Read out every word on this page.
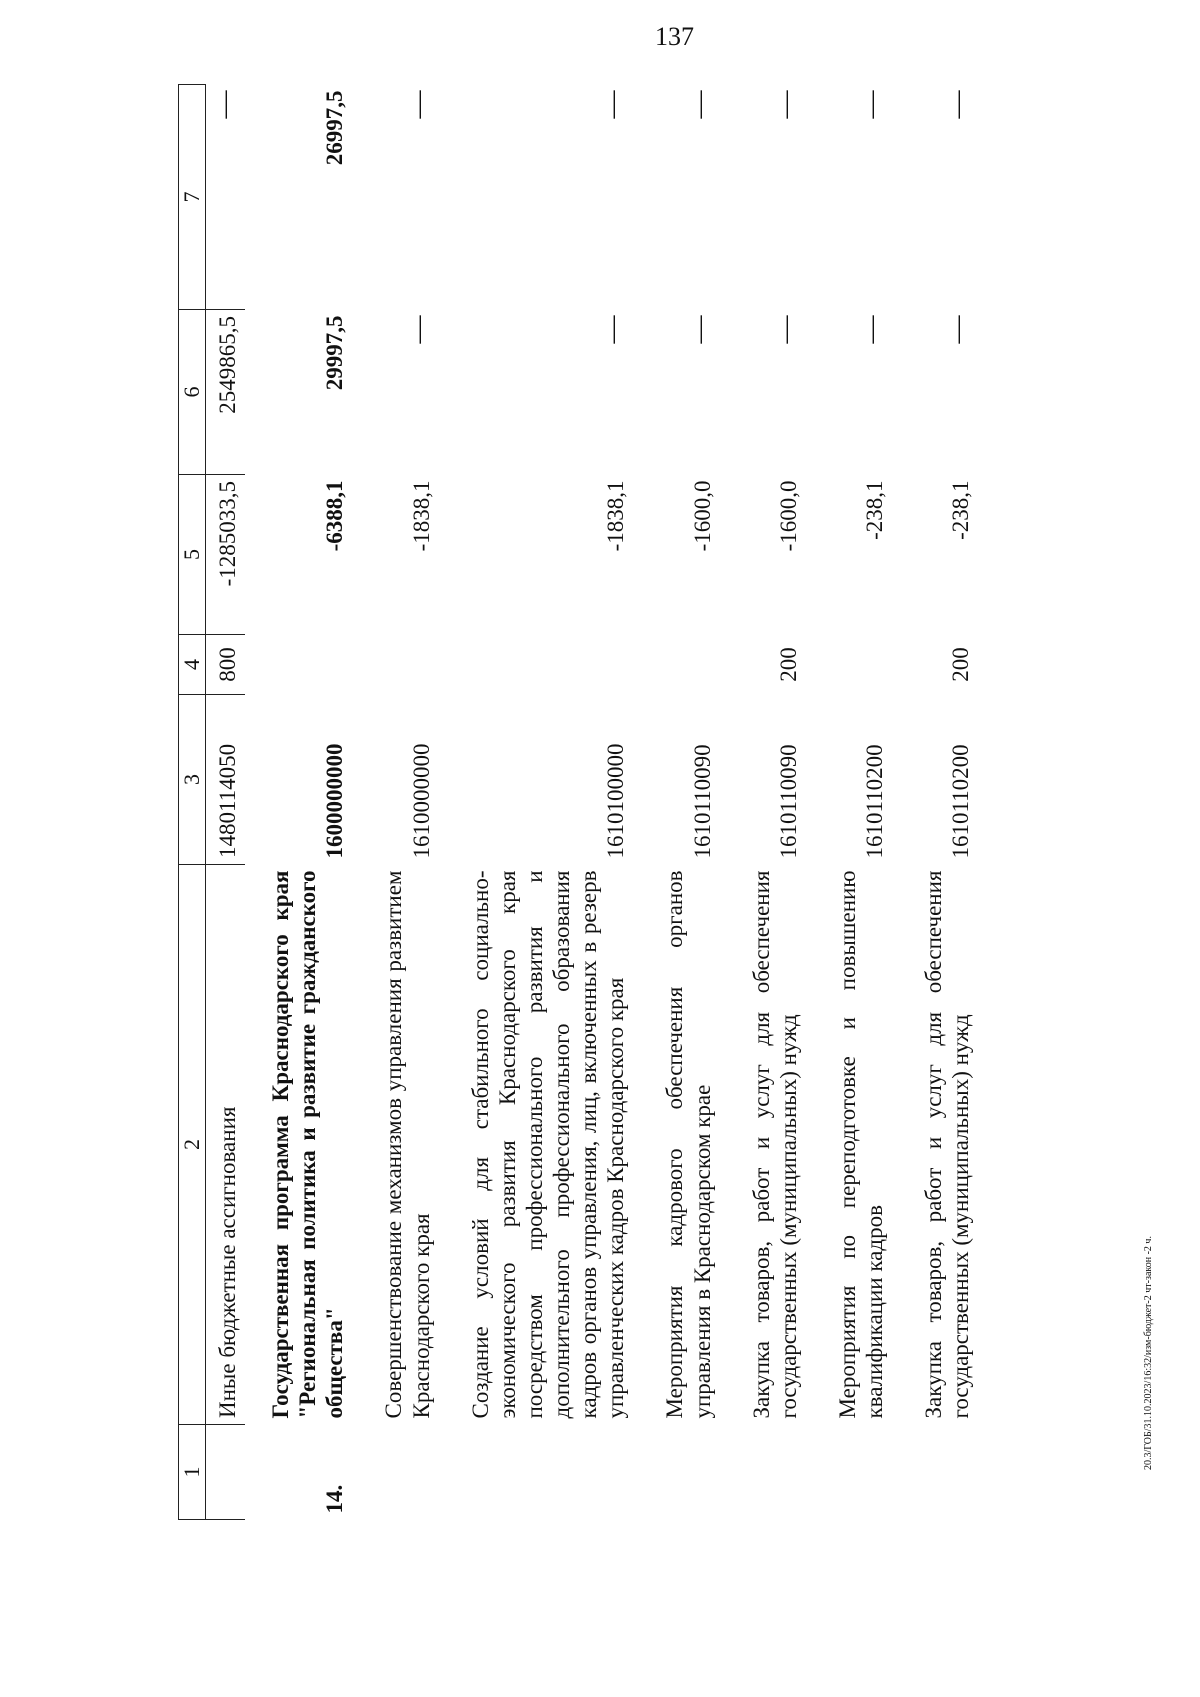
137
20.3/ГОБ/31.10.2023/16:32/изм-бюджет-2 чт-закон -2 ч.
1	2	3	4	5	6	7
	Иные бюджетные ассигнования	1480114050	800	-1285033,5	2549865,5	—
14.	Государственная программа Краснодарского края "Региональная политика и развитие гражданского общества"	1600000000		-6388,1	29997,5	26997,5
	Совершенствование механизмов управления развитием Краснодарского края	1610000000		-1838,1	—	—
	Создание условий для стабильного социально-экономического развития Краснодарского края посредством профессионального развития и дополнительного профессионального образования кадров органов управления, лиц, включенных в резерв управленческих кадров Краснодарского края	1610100000		-1838,1	—	—
	Мероприятия кадрового обеспечения органов управления в Краснодарском крае	1610110090		-1600,0	—	—
	Закупка товаров, работ и услуг для обеспечения государственных (муниципальных) нужд	1610110090	200	-1600,0	—	—
	Мероприятия по переподготовке и повышению квалификации кадров	1610110200		-238,1	—	—
	Закупка товаров, работ и услуг для обеспечения государственных (муниципальных) нужд	1610110200	200	-238,1	—	—
